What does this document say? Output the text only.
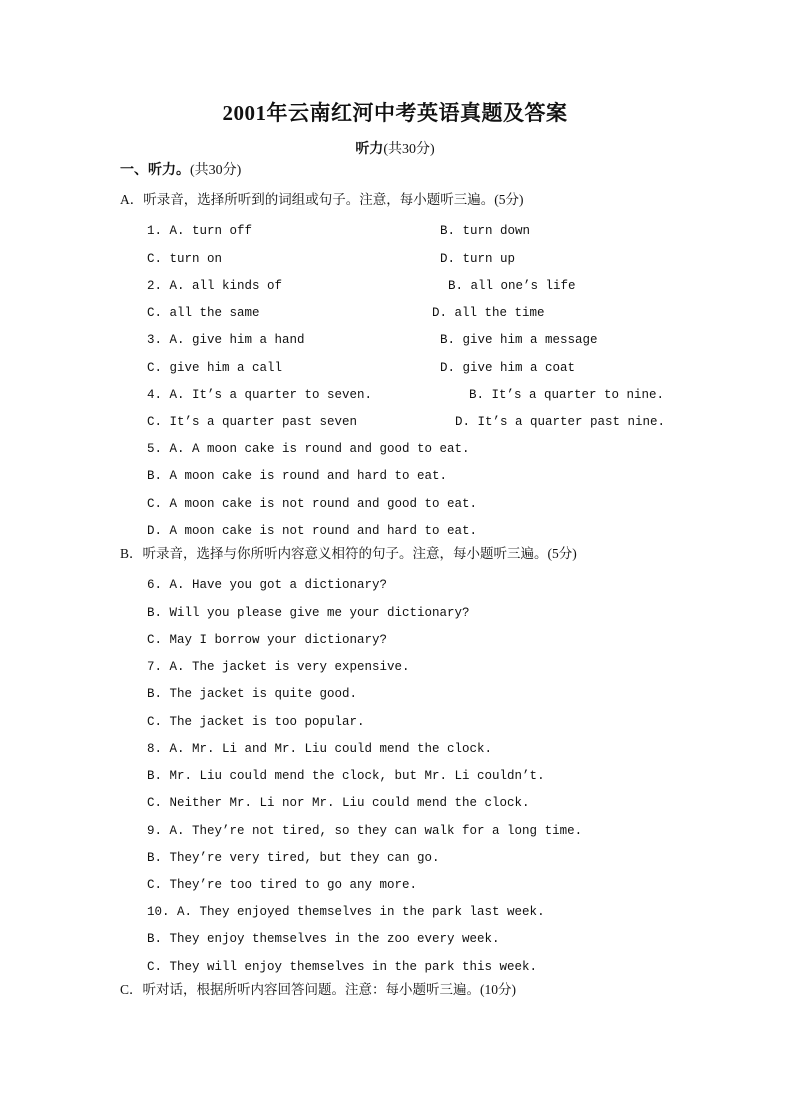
2001年云南红河中考英语真题及答案
听力(共30分)
一、听力。(共30分)
A．听录音，选择所听到的词组或句子。注意，每小题听三遍。(5分)
1. A. turn off	B. turn down
C. turn on	D. turn up
2. A. all kinds of	B. all one’s life
C. all the same	D. all the time
3. A. give him a hand	B. give him a message
C. give him a call	D. give him a coat
4. A. It’s a quarter to seven.	B. It’s a quarter to nine.
C. It’s a quarter past seven	D. It’s a quarter past nine.
5. A. A moon cake is round and good to eat.
B. A moon cake is round and hard to eat.
C. A moon cake is not round and good to eat.
D. A moon cake is not round and hard to eat.
B．听录音，选择与你所听内容意义相符的句子。注意，每小题听三遍。(5分)
6. A. Have you got a dictionary?
B. Will you please give me your dictionary?
C. May I borrow your dictionary?
7. A. The jacket is very expensive.
B. The jacket is quite good.
C. The jacket is too popular.
8. A. Mr. Li and Mr. Liu could mend the clock.
B. Mr. Liu could mend the clock, but Mr. Li couldn’t.
C. Neither Mr. Li nor Mr. Liu could mend the clock.
9. A. They’re not tired, so they can walk for a long time.
B. They’re very tired, but they can go.
C. They’re too tired to go any more.
10. A. They enjoyed themselves in the park last week.
B. They enjoy themselves in the zoo every week.
C. They will enjoy themselves in the park this week.
C．听对话，根据所听内容回答问题。注意：每小题听三遍。(10分)
